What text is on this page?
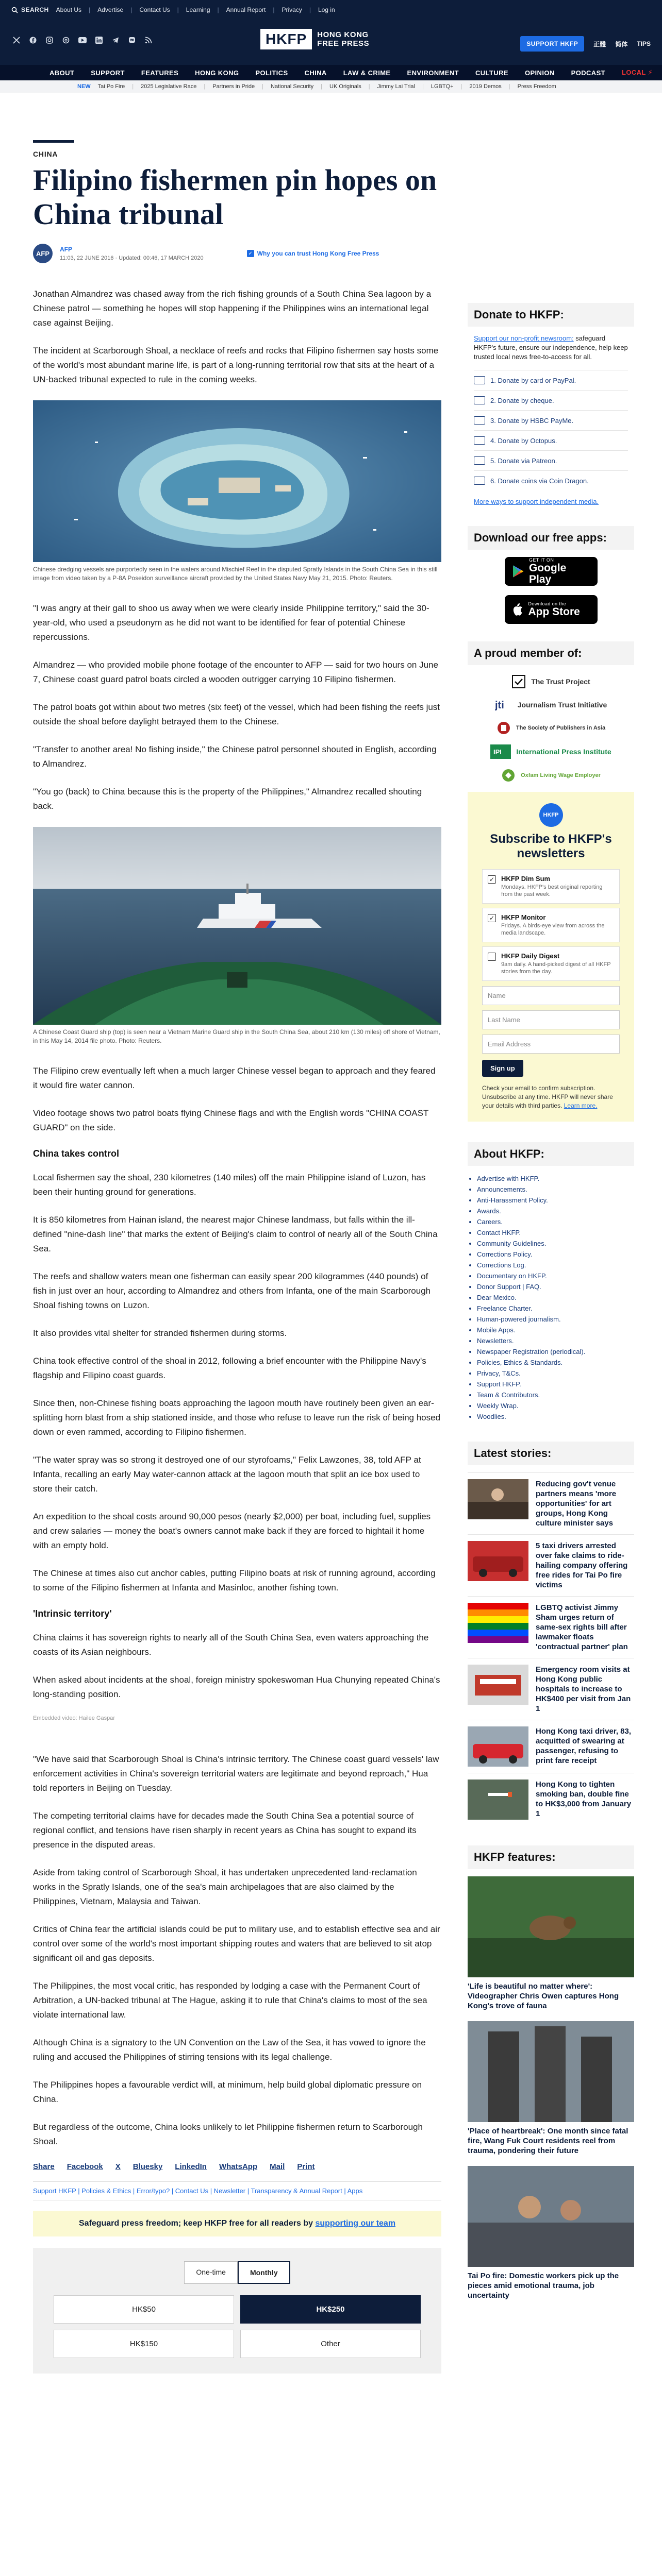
SEARCH About Us | Advertise | Contact Us | Learning | Annual Report | Privacy | Log in
HKFP	HONG KONG
FREE PRESS	SUPPORT HKFP	正體 简体 TIPS
ABOUT SUPPORT FEATURES HONG KONG POLITICS CHINA LAW & CRIME ENVIRONMENT CULTURE OPINION PODCAST LOCAL ⚡
NEW Tai Po Fire | 2025 Legislative Race | Partners in Pride | National Security | UK Originals | Jimmy Lai Trial | LGBTQ+ | 2019 Demos | Press Freedom
CHINA
Filipino fishermen pin hopes on China tribunal
AFP
AFP
11:03, 22 JUNE 2016 · Updated: 00:46, 17 MARCH 2020
✓ Why you can trust Hong Kong Free Press

Jonathan Almandrez was chased away from the rich fishing grounds of a South China Sea lagoon by a Chinese patrol — something he hopes will stop happening if the Philippines wins an international legal case against Beijing.

The incident at Scarborough Shoal, a necklace of reefs and rocks that Filipino fishermen say hosts some of the world's most abundant marine life, is part of a long-running territorial row that sits at the heart of a UN-backed tribunal expected to rule in the coming weeks.

Chinese dredging vessels are purportedly seen in the waters around Mischief Reef in the disputed Spratly Islands in the South China Sea in this still image from video taken by a P-8A Poseidon surveillance aircraft provided by the United States Navy May 21, 2015. Photo: Reuters.

"I was angry at their gall to shoo us away when we were clearly inside Philippine territory," said the 30-year-old, who used a pseudonym as he did not want to be identified for fear of potential Chinese repercussions.

Almandrez — who provided mobile phone footage of the encounter to AFP — said for two hours on June 7, Chinese coast guard patrol boats circled a wooden outrigger carrying 10 Filipino fishermen.

The patrol boats got within about two metres (six feet) of the vessel, which had been fishing the reefs just outside the shoal before daylight betrayed them to the Chinese.

"Transfer to another area! No fishing inside," the Chinese patrol personnel shouted in English, according to Almandrez.

"You go (back) to China because this is the property of the Philippines," Almandrez recalled shouting back.

A Chinese Coast Guard ship (top) is seen near a Vietnam Marine Guard ship in the South China Sea, about 210 km (130 miles) off shore of Vietnam, in this May 14, 2014 file photo. Photo: Reuters.

The Filipino crew eventually left when a much larger Chinese vessel began to approach and they feared it would fire water cannon.

Video footage shows two patrol boats flying Chinese flags and with the English words "CHINA COAST GUARD" on the side.

China takes control

Local fishermen say the shoal, 230 kilometres (140 miles) off the main Philippine island of Luzon, has been their hunting ground for generations.

It is 850 kilometres from Hainan island, the nearest major Chinese landmass, but falls within the ill-defined "nine-dash line" that marks the extent of Beijing's claim to control of nearly all of the South China Sea.

The reefs and shallow waters mean one fisherman can easily spear 200 kilogrammes (440 pounds) of fish in just over an hour, according to Almandrez and others from Infanta, one of the main Scarborough Shoal fishing towns on Luzon.

It also provides vital shelter for stranded fishermen during storms.

China took effective control of the shoal in 2012, following a brief encounter with the Philippine Navy's flagship and Filipino coast guards.

Since then, non-Chinese fishing boats approaching the lagoon mouth have routinely been given an ear-splitting horn blast from a ship stationed inside, and those who refuse to leave run the risk of being hosed down or even rammed, according to Filipino fishermen.

"The water spray was so strong it destroyed one of our styrofoams," Felix Lawzones, 38, told AFP at Infanta, recalling an early May water-cannon attack at the lagoon mouth that split an ice box used to store their catch.

An expedition to the shoal costs around 90,000 pesos (nearly $2,000) per boat, including fuel, supplies and crew salaries — money the boat's owners cannot make back if they are forced to hightail it home with an empty hold.

The Chinese at times also cut anchor cables, putting Filipino boats at risk of running aground, according to some of the Filipino fishermen at Infanta and Masinloc, another fishing town.

'Intrinsic territory'

China claims it has sovereign rights to nearly all of the South China Sea, even waters approaching the coasts of its Asian neighbours.

When asked about incidents at the shoal, foreign ministry spokeswoman Hua Chunying repeated China's long-standing position.

Embedded video: Hailee Gaspar

"We have said that Scarborough Shoal is China's intrinsic territory. The Chinese coast guard vessels' law enforcement activities in China's sovereign territorial waters are legitimate and beyond reproach," Hua told reporters in Beijing on Tuesday.

The competing territorial claims have for decades made the South China Sea a potential source of regional conflict, and tensions have risen sharply in recent years as China has sought to expand its presence in the disputed areas.

Aside from taking control of Scarborough Shoal, it has undertaken unprecedented land-reclamation works in the Spratly Islands, one of the sea's main archipelagoes that are also claimed by the Philippines, Vietnam, Malaysia and Taiwan.

Critics of China fear the artificial islands could be put to military use, and to establish effective sea and air control over some of the world's most important shipping routes and waters that are believed to sit atop significant oil and gas deposits.

The Philippines, the most vocal critic, has responded by lodging a case with the Permanent Court of Arbitration, a UN-backed tribunal at The Hague, asking it to rule that China's claims to most of the sea violate international law.

Although China is a signatory to the UN Convention on the Law of the Sea, it has vowed to ignore the ruling and accused the Philippines of stirring tensions with its legal challenge.

The Philippines hopes a favourable verdict will, at minimum, help build global diplomatic pressure on China.

But regardless of the outcome, China looks unlikely to let Philippine fishermen return to Scarborough Shoal.

Share Facebook X Bluesky LinkedIn WhatsApp Mail Print
Support HKFP | Policies & Ethics | Error/typo? | Contact Us | Newsletter | Transparency & Annual Report | Apps
Safeguard press freedom; keep HKFP free for all readers by supporting our team
One-time	Monthly
HK$50	HK$250
HK$150	Other
Donate to HKFP:
Support our non-profit newsroom: safeguard HKFP's future, ensure our independence, help keep trusted local news free-to-access for all.
1. Donate by card or PayPal.
2. Donate by cheque.
3. Donate by HSBC PayMe.
4. Donate by Octopus.
5. Donate via Patreon.
6. Donate coins via Coin Dragon.
More ways to support independent media.
Download our free apps:
GET IT ON
Google Play
Download on the
App Store
A proud member of:
The Trust Project
jti Journalism Trust Initiative
The Society of Publishers in Asia
IPI International Press Institute
Oxfam Living Wage Employer
HKFP
Subscribe to HKFP's newsletters
✓ HKFP Dim Sum
Mondays. HKFP's best original reporting from the past week.
✓ HKFP Monitor
Fridays. A birds-eye view from across the media landscape.
HKFP Daily Digest
9am daily. A hand-picked digest of all HKFP stories from the day.
Name
Last Name
Email Address
Sign up
Check your email to confirm subscription. Unsubscribe at any time. HKFP will never share your details with third parties. Learn more.
About HKFP:
• Advertise with HKFP.
• Announcements.
• Anti-Harassment Policy.
• Awards.
• Careers.
• Contact HKFP.
• Community Guidelines.
• Corrections Policy.
• Corrections Log.
• Documentary on HKFP.
• Donor Support | FAQ.
• Dear Mexico.
• Freelance Charter.
• Human-powered journalism.
• Mobile Apps.
• Newsletters.
• Newspaper Registration (periodical).
• Policies, Ethics & Standards.
• Privacy, T&Cs.
• Support HKFP.
• Team & Contributors.
• Weekly Wrap.
• Woodlies.
Latest stories:
Reducing gov't venue partners means 'more opportunities' for art groups, Hong Kong culture minister says
5 taxi drivers arrested over fake claims to ride-hailing company offering free rides for Tai Po fire victims
LGBTQ activist Jimmy Sham urges return of same-sex rights bill after lawmaker floats 'contractual partner' plan
Emergency room visits at Hong Kong public hospitals to increase to HK$400 per visit from Jan 1
Hong Kong taxi driver, 83, acquitted of swearing at passenger, refusing to print fare receipt
Hong Kong to tighten smoking ban, double fine to HK$3,000 from January 1
HKFP features:
'Life is beautiful no matter where': Videographer Chris Owen captures Hong Kong's trove of fauna
'Place of heartbreak': One month since fatal fire, Wang Fuk Court residents reel from trauma, pondering their future
Tai Po fire: Domestic workers pick up the pieces amid emotional trauma, job uncertainty
